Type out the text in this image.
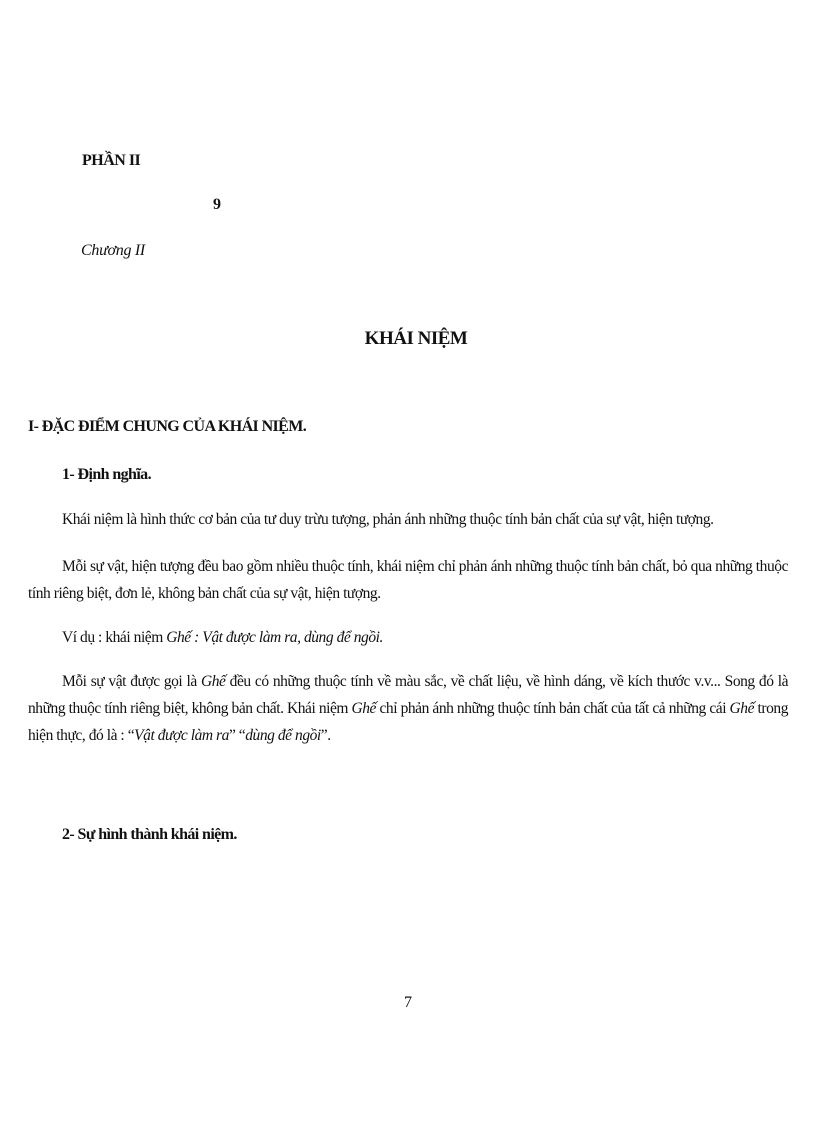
PHẦN II

9

Chương II

KHÁI NIỆM
I- ĐẶC ĐIỂM CHUNG CỦA KHÁI NIỆM.
1- Định nghĩa.

Khái niệm là hình thức cơ bản của tư duy trừu tượng, phản ánh những thuộc tính bản chất của sự vật, hiện tượng.

Mỗi sự vật, hiện tượng đều bao gồm nhiều thuộc tính, khái niệm chỉ phản ánh những thuộc tính bản chất, bỏ qua những thuộc tính riêng biệt, đơn lẻ, không bản chất của sự vật, hiện tượng.

Ví dụ : khái niệm Ghế : Vật được làm ra, dùng để ngồi.

Mỗi sự vật được gọi là Ghế đều có những thuộc tính về màu sắc, về chất liệu, về hình dáng, về kích thước v.v... Song đó là những thuộc tính riêng biệt, không bản chất. Khái niệm Ghế chỉ phản ánh những thuộc tính bản chất của tất cả những cái Ghế trong hiện thực, đó là : “Vật được làm ra” “dùng để ngồi”.

2- Sự hình thành khái niệm.
7
